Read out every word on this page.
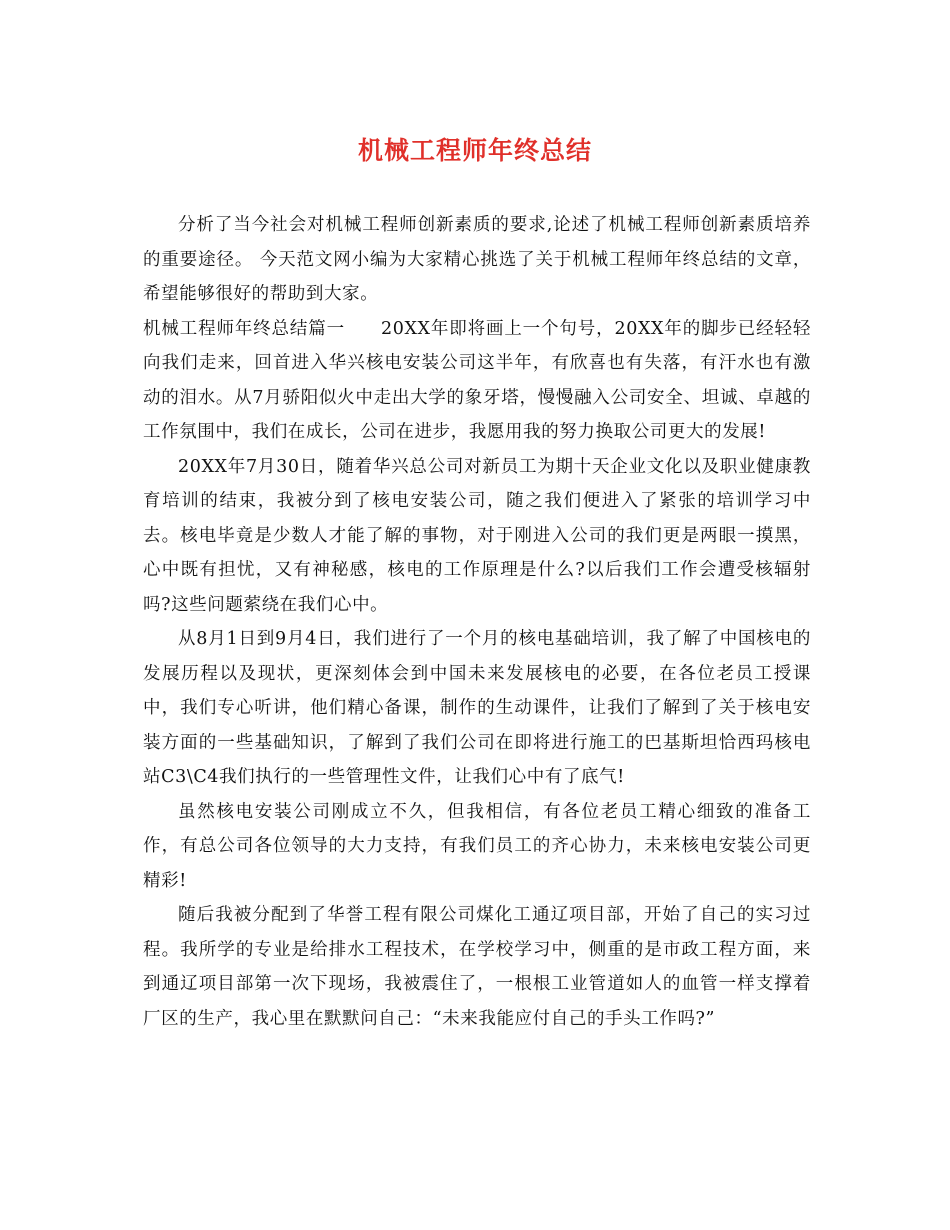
机械工程师年终总结

分析了当今社会对机械工程师创新素质的要求,论述了机械工程师创新素质培养的重要途径。 今天范文网小编为大家精心挑选了关于机械工程师年终总结的文章，希望能够很好的帮助到大家。

机械工程师年终总结篇一 20XX年即将画上一个句号，20XX年的脚步已经轻轻向我们走来，回首进入华兴核电安装公司这半年，有欣喜也有失落，有汗水也有激动的泪水。从7月骄阳似火中走出大学的象牙塔，慢慢融入公司安全、坦诚、卓越的工作氛围中，我们在成长，公司在进步，我愿用我的努力换取公司更大的发展!

20XX年7月30日，随着华兴总公司对新员工为期十天企业文化以及职业健康教育培训的结束，我被分到了核电安装公司，随之我们便进入了紧张的培训学习中去。核电毕竟是少数人才能了解的事物，对于刚进入公司的我们更是两眼一摸黑，心中既有担忧，又有神秘感，核电的工作原理是什么?以后我们工作会遭受核辐射吗?这些问题萦绕在我们心中。

从8月1日到9月4日，我们进行了一个月的核电基础培训，我了解了中国核电的发展历程以及现状，更深刻体会到中国未来发展核电的必要，在各位老员工授课中，我们专心听讲，他们精心备课，制作的生动课件，让我们了解到了关于核电安装方面的一些基础知识，了解到了我们公司在即将进行施工的巴基斯坦恰西玛核电站C3\C4我们执行的一些管理性文件，让我们心中有了底气!

虽然核电安装公司刚成立不久，但我相信，有各位老员工精心细致的准备工作，有总公司各位领导的大力支持，有我们员工的齐心协力，未来核电安装公司更精彩!

随后我被分配到了华誉工程有限公司煤化工通辽项目部，开始了自己的实习过程。我所学的专业是给排水工程技术，在学校学习中，侧重的是市政工程方面，来到通辽项目部第一次下现场，我被震住了，一根根工业管道如人的血管一样支撑着厂区的生产，我心里在默默问自己：“未来我能应付自己的手头工作吗?”
